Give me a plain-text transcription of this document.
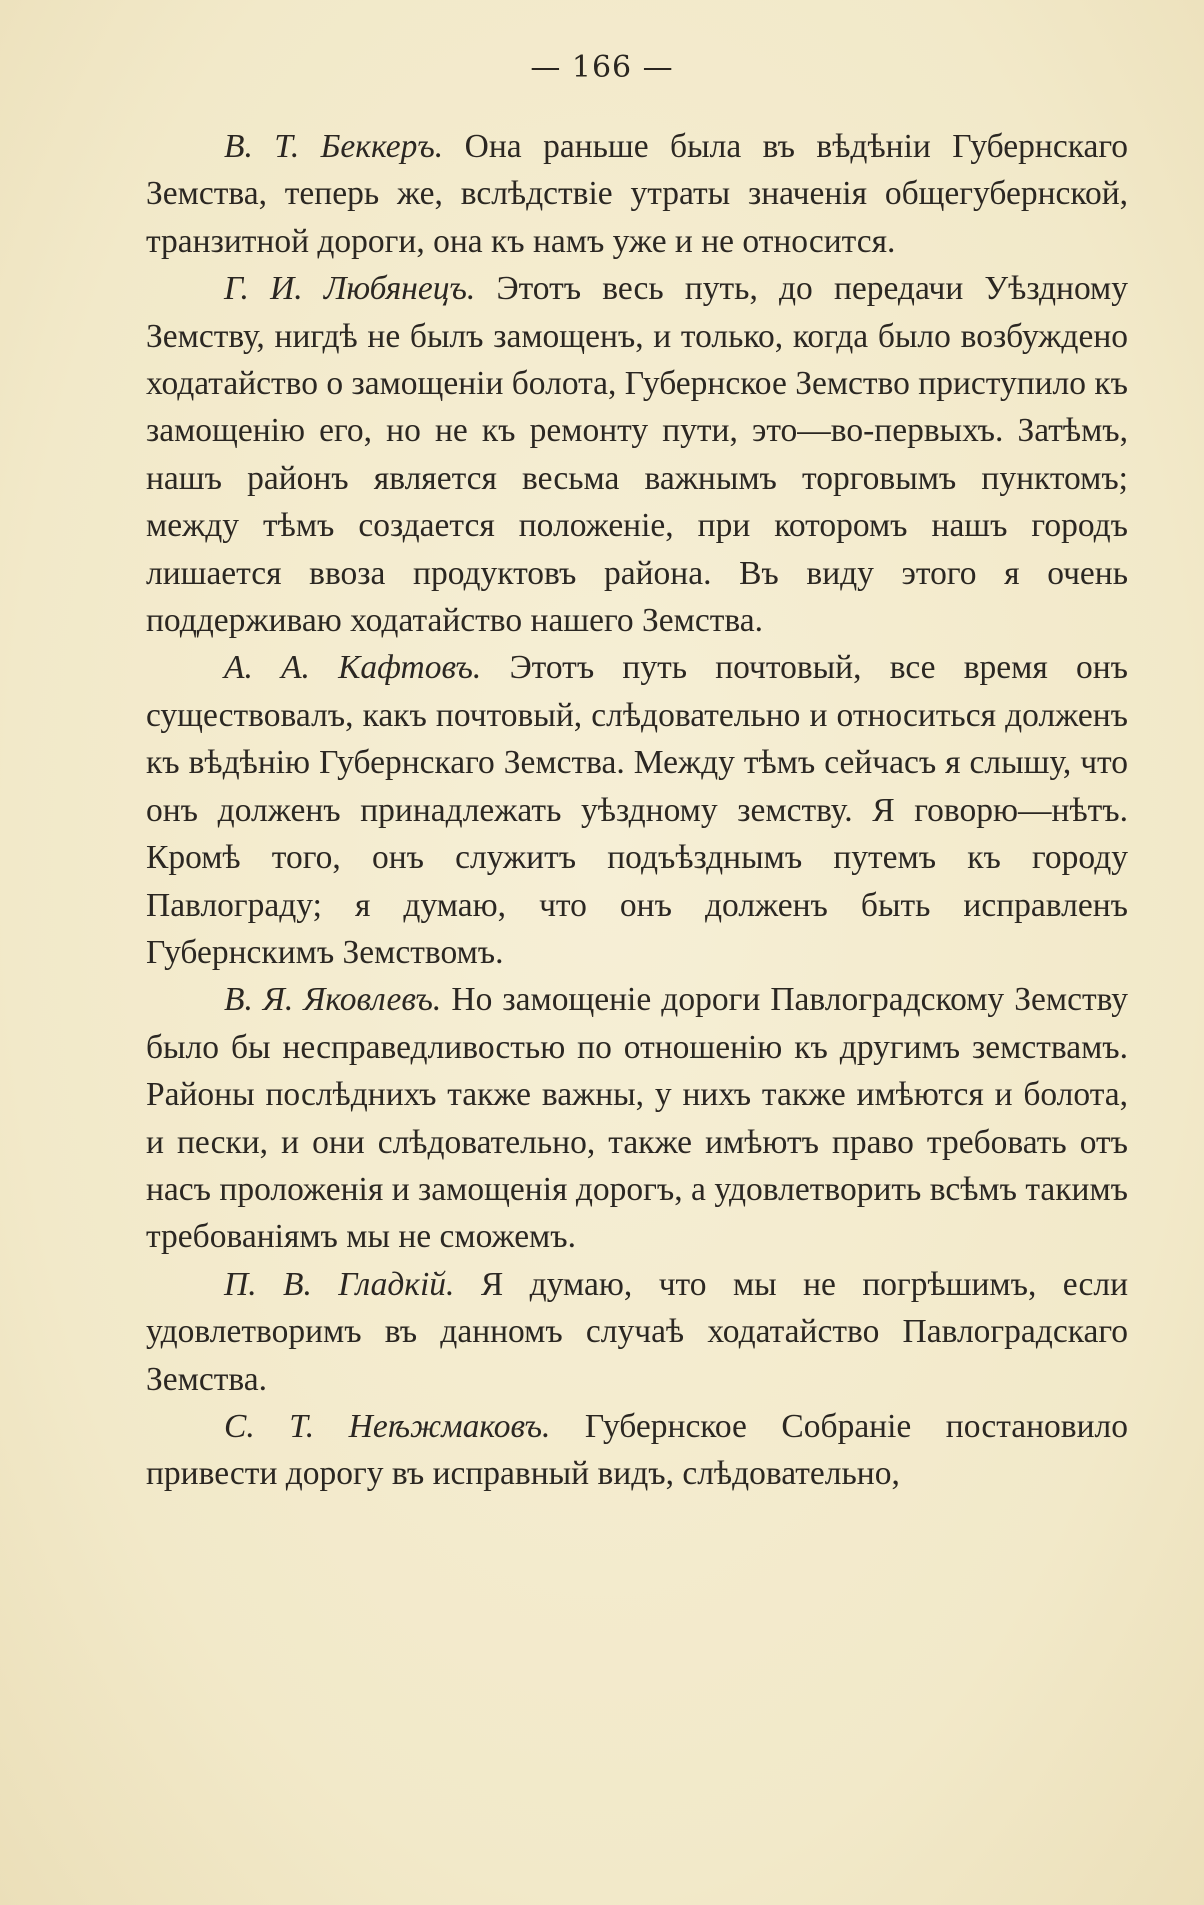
— 166 —

В. Т. Беккеръ. Она раньше была въ вѣдѣніи Губернскаго Земства, теперь же, вслѣдствіе утраты значенія общегубернской, транзитной дороги, она къ намъ уже и не относится.

Г. И. Любянецъ. Этотъ весь путь, до передачи Уѣздному Земству, нигдѣ не былъ замощенъ, и только, когда было возбуждено ходатайство о замощеніи болота, Губернское Земство приступило къ замощенію его, но не къ ремонту пути, это—во-первыхъ. Затѣмъ, нашъ районъ является весьма важнымъ торговымъ пунктомъ; между тѣмъ создается положеніе, при которомъ нашъ городъ лишается ввоза продуктовъ района. Въ виду этого я очень поддерживаю ходатайство нашего Земства.

А. А. Кафтовъ. Этотъ путь почтовый, все время онъ существовалъ, какъ почтовый, слѣдовательно и относиться долженъ къ вѣдѣнію Губернскаго Земства. Между тѣмъ сейчасъ я слышу, что онъ долженъ принадлежать уѣздному земству. Я говорю—нѣтъ. Кромѣ того, онъ служитъ подъѣзднымъ путемъ къ городу Павлограду; я думаю, что онъ долженъ быть исправленъ Губернскимъ Земствомъ.

В. Я. Яковлевъ. Но замощеніе дороги Павлоградскому Земству было бы несправедливостью по отношенію къ другимъ земствамъ. Районы послѣднихъ также важны, у нихъ также имѣются и болота, и пески, и они слѣдовательно, также имѣютъ право требовать отъ насъ проложенія и замощенія дорогъ, а удовлетворить всѣмъ такимъ требованіямъ мы не сможемъ.

П. В. Гладкій. Я думаю, что мы не погрѣшимъ, если удовлетворимъ въ данномъ случаѣ ходатайство Павлоградскаго Земства.

С. Т. Неѣжмаковъ. Губернское Собраніе постановило привести дорогу въ исправный видъ, слѣдовательно,
